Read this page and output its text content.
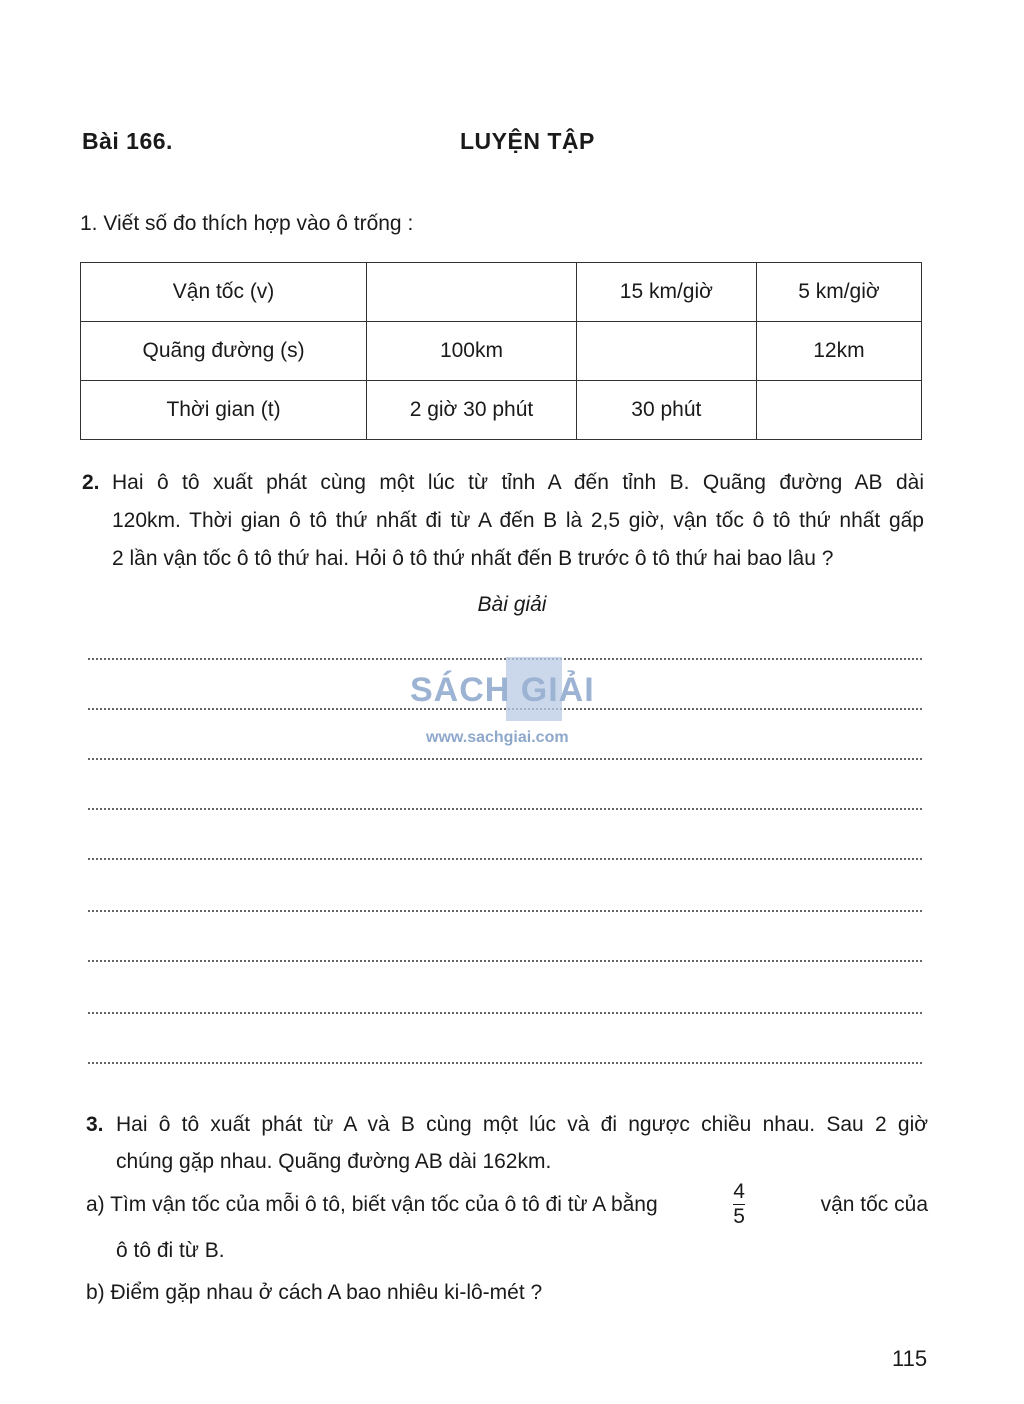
Bài 166.	LUYỆN TẬP
1. Viết số đo thích hợp vào ô trống :
Vận tốc (v)		15 km/giờ	5 km/giờ
Quãng đường (s)	100km		12km
Thời gian (t)	2 giờ 30 phút	30 phút	
2. Hai ô tô xuất phát cùng một lúc từ tỉnh A đến tỉnh B. Quãng đường AB dài
120km. Thời gian ô tô thứ nhất đi từ A đến B là 2,5 giờ, vận tốc ô tô thứ nhất gấp
2 lần vận tốc ô tô thứ hai. Hỏi ô tô thứ nhất đến B trước ô tô thứ hai bao lâu ?
Bài giải
SÁCH GIẢI
www.sachgiai.com
3. Hai ô tô xuất phát từ A và B cùng một lúc và đi ngược chiều nhau. Sau 2 giờ
chúng gặp nhau. Quãng đường AB dài 162km.
a) Tìm vận tốc của mỗi ô tô, biết vận tốc của ô tô đi từ A bằng	$\frac{4}{5}$	vận tốc của
ô tô đi từ B.
b) Điểm gặp nhau ở cách A bao nhiêu ki-lô-mét ?
115
